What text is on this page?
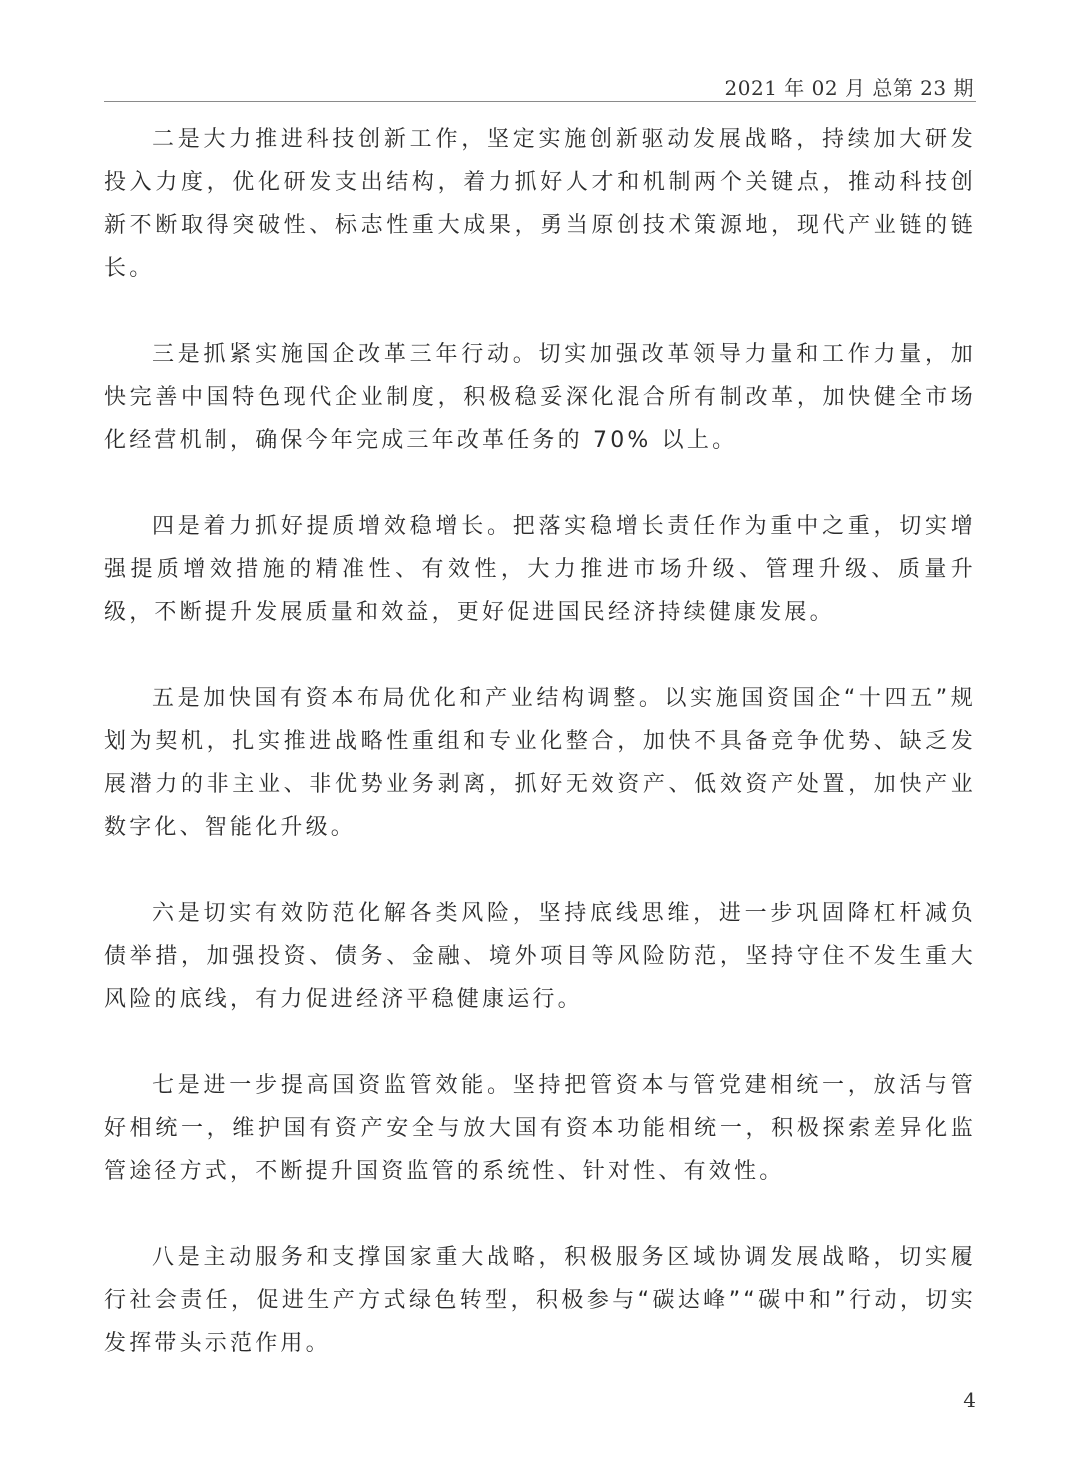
2021 年 02 月 总第 23 期

二是大力推进科技创新工作，坚定实施创新驱动发展战略，持续加大研发投入力度，优化研发支出结构，着力抓好人才和机制两个关键点，推动科技创新不断取得突破性、标志性重大成果，勇当原创技术策源地，现代产业链的链长。

三是抓紧实施国企改革三年行动。切实加强改革领导力量和工作力量，加快完善中国特色现代企业制度，积极稳妥深化混合所有制改革，加快健全市场化经营机制，确保今年完成三年改革任务的 70% 以上。

四是着力抓好提质增效稳增长。把落实稳增长责任作为重中之重，切实增强提质增效措施的精准性、有效性，大力推进市场升级、管理升级、质量升级，不断提升发展质量和效益，更好促进国民经济持续健康发展。

五是加快国有资本布局优化和产业结构调整。以实施国资国企“十四五”规划为契机，扎实推进战略性重组和专业化整合，加快不具备竞争优势、缺乏发展潜力的非主业、非优势业务剥离，抓好无效资产、低效资产处置，加快产业数字化、智能化升级。

六是切实有效防范化解各类风险，坚持底线思维，进一步巩固降杠杆减负债举措，加强投资、债务、金融、境外项目等风险防范，坚持守住不发生重大风险的底线，有力促进经济平稳健康运行。

七是进一步提高国资监管效能。坚持把管资本与管党建相统一，放活与管好相统一，维护国有资产安全与放大国有资本功能相统一，积极探索差异化监管途径方式，不断提升国资监管的系统性、针对性、有效性。

八是主动服务和支撑国家重大战略，积极服务区域协调发展战略，切实履行社会责任，促进生产方式绿色转型，积极参与“碳达峰”“碳中和”行动，切实发挥带头示范作用。

4
